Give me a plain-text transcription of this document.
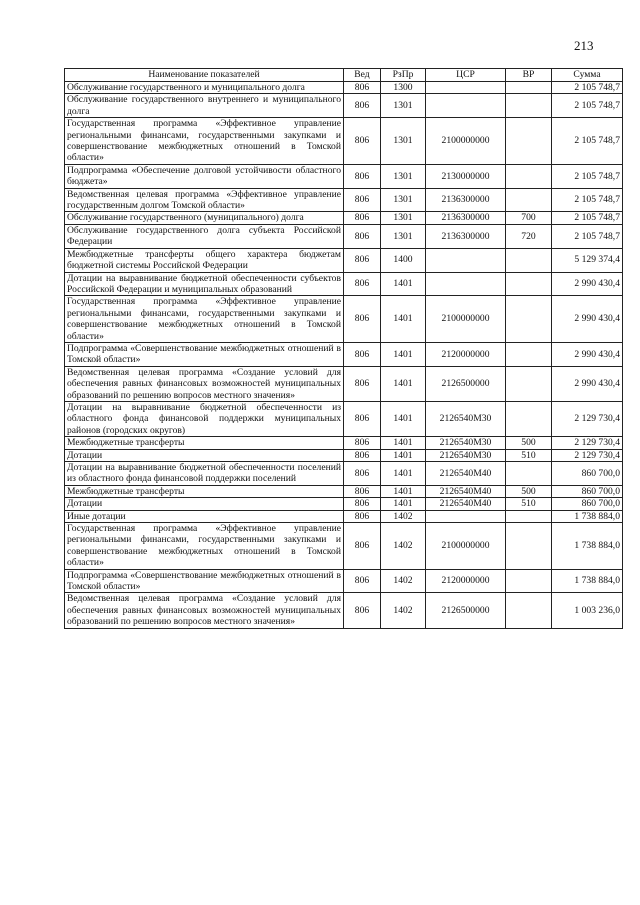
213
Наименование показателей	Вед	РзПр	ЦСР	ВР	Сумма
Обслуживание государственного и муниципального долга	806	1300			2 105 748,7
Обслуживание государственного внутреннего и муниципального долга	806	1301			2 105 748,7
Государственная программа «Эффективное управление региональными финансами, государственными закупками и совершенствование межбюджетных отношений в Томской области»	806	1301	2100000000		2 105 748,7
Подпрограмма «Обеспечение долговой устойчивости областного бюджета»	806	1301	2130000000		2 105 748,7
Ведомственная целевая программа «Эффективное управление государственным долгом Томской области»	806	1301	2136300000		2 105 748,7
Обслуживание государственного (муниципального) долга	806	1301	2136300000	700	2 105 748,7
Обслуживание государственного долга субъекта Российской Федерации	806	1301	2136300000	720	2 105 748,7
Межбюджетные трансферты общего характера бюджетам бюджетной системы Российской Федерации	806	1400			5 129 374,4
Дотации на выравнивание бюджетной обеспеченности субъектов Российской Федерации и муниципальных образований	806	1401			2 990 430,4
Государственная программа «Эффективное управление региональными финансами, государственными закупками и совершенствование межбюджетных отношений в Томской области»	806	1401	2100000000		2 990 430,4
Подпрограмма «Совершенствование межбюджетных отношений в Томской области»	806	1401	2120000000		2 990 430,4
Ведомственная целевая программа «Создание условий для обеспечения равных финансовых возможностей муниципальных образований по решению вопросов местного значения»	806	1401	2126500000		2 990 430,4
Дотации на выравнивание бюджетной обеспеченности из областного фонда финансовой поддержки муниципальных районов (городских округов)	806	1401	2126540М30		2 129 730,4
Межбюджетные трансферты	806	1401	2126540М30	500	2 129 730,4
Дотации	806	1401	2126540М30	510	2 129 730,4
Дотации на выравнивание бюджетной обеспеченности поселений из областного фонда финансовой поддержки поселений	806	1401	2126540М40		860 700,0
Межбюджетные трансферты	806	1401	2126540М40	500	860 700,0
Дотации	806	1401	2126540М40	510	860 700,0
Иные дотации	806	1402			1 738 884,0
Государственная программа «Эффективное управление региональными финансами, государственными закупками и совершенствование межбюджетных отношений в Томской области»	806	1402	2100000000		1 738 884,0
Подпрограмма «Совершенствование межбюджетных отношений в Томской области»	806	1402	2120000000		1 738 884,0
Ведомственная целевая программа «Создание условий для обеспечения равных финансовых возможностей муниципальных образований по решению вопросов местного значения»	806	1402	2126500000		1 003 236,0
